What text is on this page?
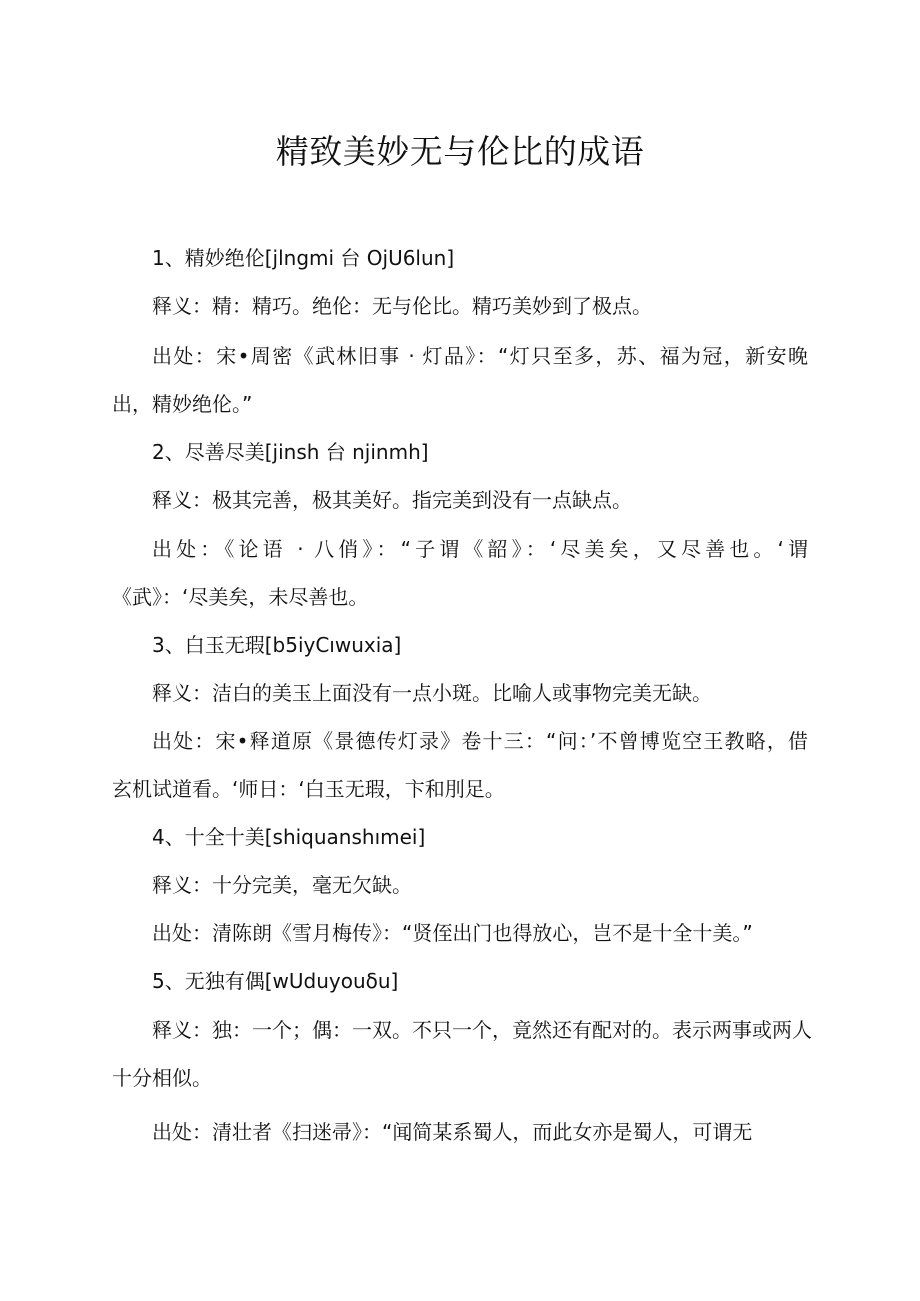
精致美妙无与伦比的成语

1、精妙绝伦[jlngmi 台 OjU6lun]

释义：精：精巧。绝伦：无与伦比。精巧美妙到了极点。

出处：宋•周密《武林旧事 · 灯品》：“灯只至多，苏、福为冠，新安晚

出，精妙绝伦。”

2、尽善尽美[jinsh 台 njinmh]

释义：极其完善，极其美好。指完美到没有一点缺点。

出处：《论语 · 八俏》：“子谓《韶》：‘尽美矣，又尽善也。‘谓

《武》：‘尽美矣，未尽善也。

3、白玉无瑕[b5iyCıwuxia]

释义：洁白的美玉上面没有一点小斑。比喻人或事物完美无缺。

出处：宋•释道原《景德传灯录》卷十三：“问：’不曾博览空王教略，借

玄机试道看。‘师日：‘白玉无瑕，卞和刖足。

4、十全十美[shiquanshımei]

释义：十分完美，毫无欠缺。

出处：清陈朗《雪月梅传》：“贤侄出门也得放心，岂不是十全十美。”

5、无独有偶[wUduyouδu]

释义：独：一个；偶：一双。不只一个，竟然还有配对的。表示两事或两人

十分相似。

出处：清壮者《扫迷帚》：“闻简某系蜀人，而此女亦是蜀人，可谓无
